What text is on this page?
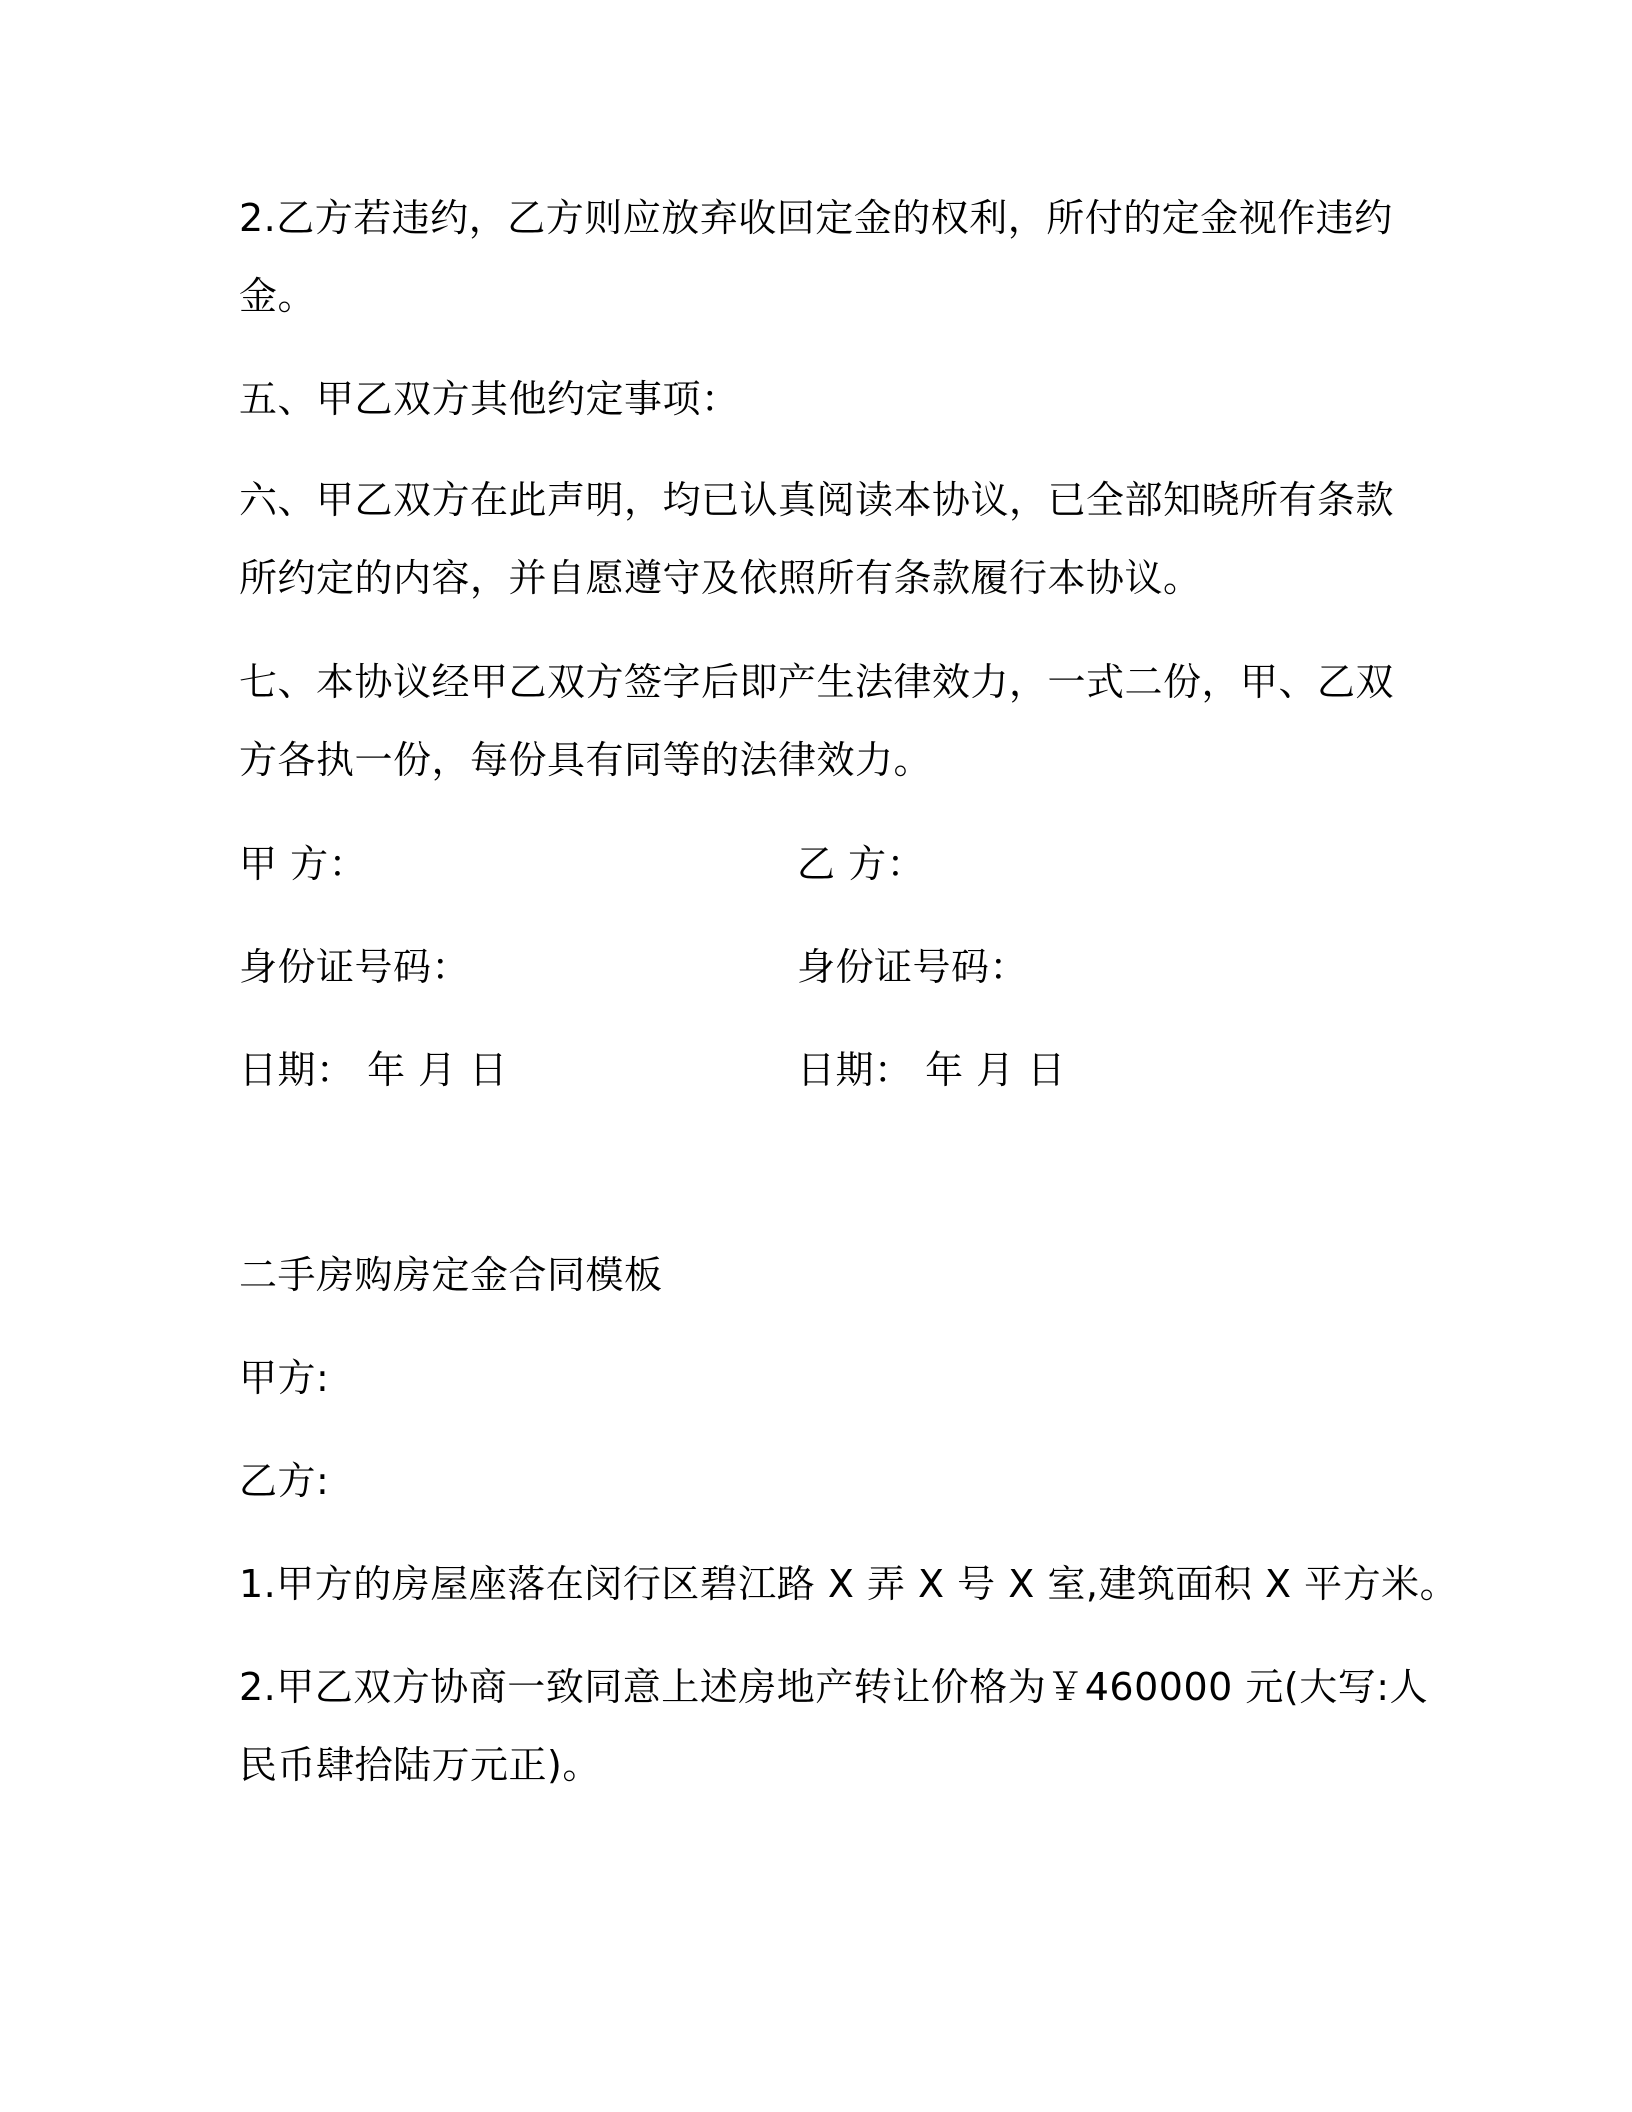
2.乙方若违约，乙方则应放弃收回定金的权利，所付的定金视作违约
金。
五、甲乙双方其他约定事项：
六、甲乙双方在此声明，均已认真阅读本协议，已全部知晓所有条款
所约定的内容，并自愿遵守及依照所有条款履行本协议。
七、本协议经甲乙双方签字后即产生法律效力，一式二份，甲、乙双
方各执一份，每份具有同等的法律效力。
甲 方：	乙 方：
身份证号码：	身份证号码：
日期： 年 月 日	日期： 年 月 日
二手房购房定金合同模板
甲方:
乙方:
1.甲方的房屋座落在闵行区碧江路 X 弄 X 号 X 室,建筑面积 X 平方米。
2.甲乙双方协商一致同意上述房地产转让价格为￥460000 元(大写:人
民币肆拾陆万元正)。
